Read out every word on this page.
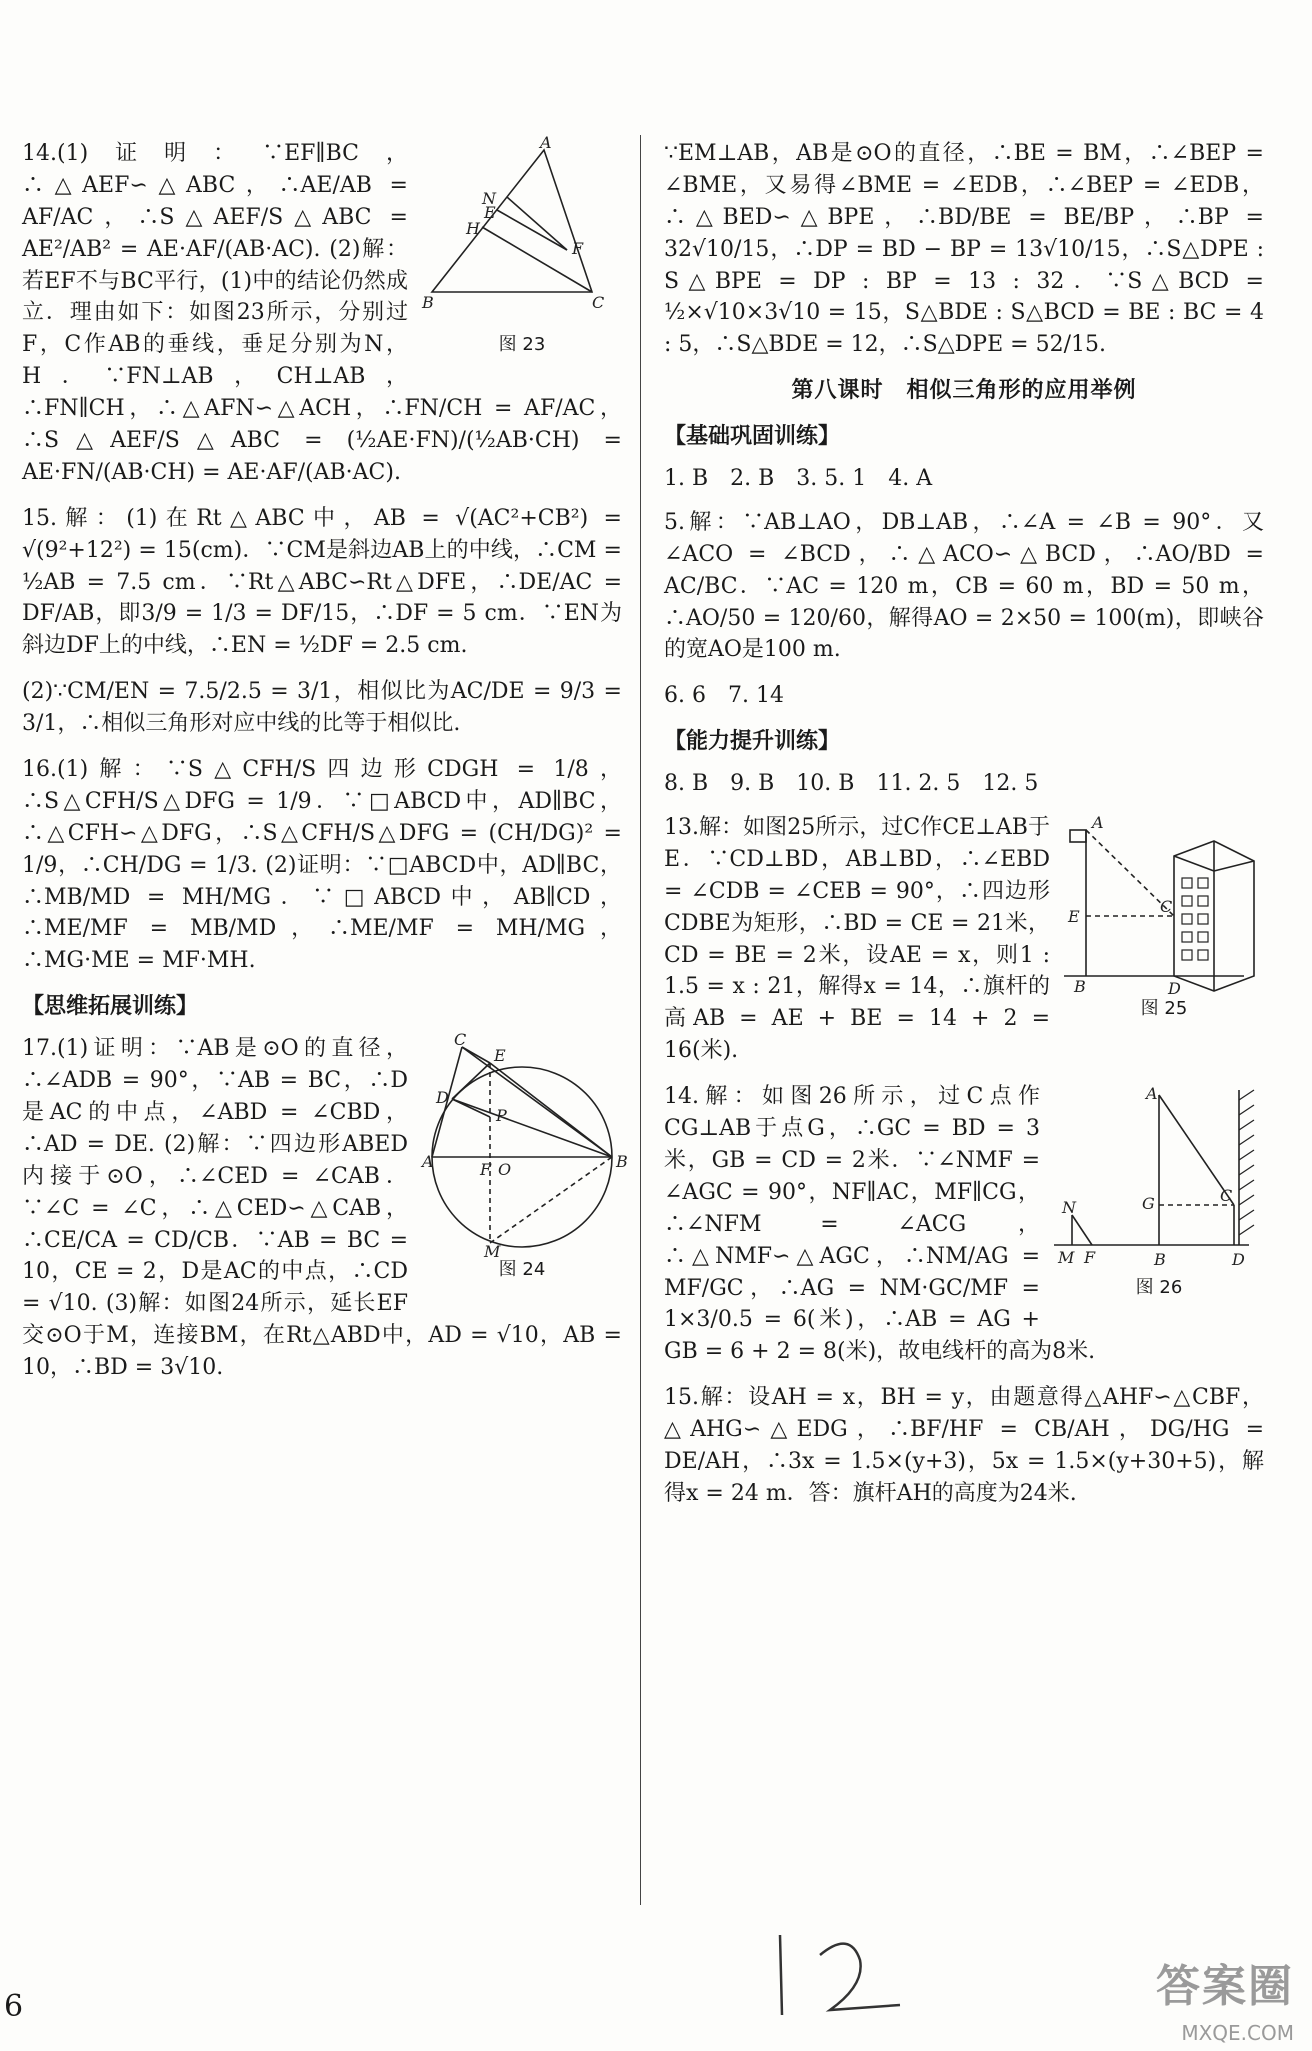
A
B	C
N
E
H
F
图 23

14.(1)证明：∵EF∥BC，∴△AEF∽△ABC，∴AE/AB = AF/AC，∴S△AEF/S△ABC = AE²/AB² = AE·AF/(AB·AC). (2)解：若EF不与BC平行，(1)中的结论仍然成立．理由如下：如图23所示，分别过F，C作AB的垂线，垂足分别为N，H．∵FN⊥AB，CH⊥AB，∴FN∥CH，∴△AFN∽△ACH，∴FN/CH = AF/AC，∴S△AEF/S△ABC = (½AE·FN)/(½AB·CH) = AE·FN/(AB·CH) = AE·AF/(AB·AC).

15.解：(1)在Rt△ABC中，AB = √(AC²+CB²) = √(9²+12²) = 15(cm)．∵CM是斜边AB上的中线，∴CM = ½AB = 7.5 cm．∵Rt△ABC∽Rt△DFE，∴DE/AC = DF/AB，即3/9 = 1/3 = DF/15，∴DF = 5 cm．∵EN为斜边DF上的中线，∴EN = ½DF = 2.5 cm.

(2)∵CM/EN = 7.5/2.5 = 3/1，相似比为AC/DE = 9/3 = 3/1，∴相似三角形对应中线的比等于相似比.

16.(1)解：∵S△CFH/S四边形CDGH = 1/8，∴S△CFH/S△DFG = 1/9．∵□ABCD中，AD∥BC，∴△CFH∽△DFG，∴S△CFH/S△DFG = (CH/DG)² = 1/9，∴CH/DG = 1/3. (2)证明：∵□ABCD中，AD∥BC，∴MB/MD = MH/MG．∵□ABCD中，AB∥CD，∴ME/MF = MB/MD，∴ME/MF = MH/MG，∴MG·ME = MF·MH.

【思维拓展训练】
C
E
D
P
A	B
F O
M
图 24

17.(1)证明：∵AB是⊙O的直径，∴∠ADB = 90°，∵AB = BC，∴D是AC的中点，∠ABD = ∠CBD，∴AD = DE. (2)解：∵四边形ABED内接于⊙O，∴∠CED = ∠CAB．∵∠C = ∠C，∴△CED∽△CAB，∴CE/CA = CD/CB．∵AB = BC = 10，CE = 2，D是AC的中点，∴CD = √10. (3)解：如图24所示，延长EF交⊙O于M，连接BM，在Rt△ABD中，AD = √10，AB = 10，∴BD = 3√10.

∵EM⊥AB，AB是⊙O的直径，∴BE = BM，∴∠BEP = ∠BME，又易得∠BME = ∠EDB，∴∠BEP = ∠EDB，∴△BED∽△BPE，∴BD/BE = BE/BP，∴BP = 32√10/15，∴DP = BD − BP = 13√10/15，∴S△DPE : S△BPE = DP : BP = 13 : 32．∵S△BCD = ½×√10×3√10 = 15，S△BDE : S△BCD = BE : BC = 4 : 5，∴S△BDE = 12，∴S△DPE = 52/15.

第八课时　相似三角形的应用举例
【基础巩固训练】
1. B　2. B　3. 5. 1　4. A

5.解：∵AB⊥AO，DB⊥AB，∴∠A = ∠B = 90°．又∠ACO = ∠BCD，∴△ACO∽△BCD，∴AO/BD = AC/BC．∵AC = 120 m，CB = 60 m，BD = 50 m，∴AO/50 = 120/60，解得AO = 2×50 = 100(m)，即峡谷的宽AO是100 m.

6. 6　7. 14
【能力提升训练】
8. B　9. B　10. B　11. 2. 5　12. 5
A
E
C
B	D
图 25

13.解：如图25所示，过C作CE⊥AB于E．∵CD⊥BD，AB⊥BD，∴∠EBD = ∠CDB = ∠CEB = 90°，∴四边形CDBE为矩形，∴BD = CE = 21米，CD = BE = 2米，设AE = x，则1 : 1.5 = x : 21，解得x = 14，∴旗杆的高AB = AE + BE = 14 + 2 = 16(米).

A
G	C
N
M F	B	D
图 26

14.解：如图26所示，过C点作CG⊥AB于点G，∴GC = BD = 3米，GB = CD = 2米．∵∠NMF = ∠AGC = 90°，NF∥AC，MF∥CG，∴∠NFM = ∠ACG，∴△NMF∽△AGC，∴NM/AG = MF/GC，∴AG = NM·GC/MF = 1×3/0.5 = 6(米)，∴AB = AG + GB = 6 + 2 = 8(米)，故电线杆的高为8米.

15.解：设AH = x，BH = y，由题意得△AHF∽△CBF，△AHG∽△EDG，∴BF/HF = CB/AH，DG/HG = DE/AH，∴3x = 1.5×(y+3)，5x = 1.5×(y+30+5)，解得x = 24 m．答：旗杆AH的高度为24米.

6	答案圈
MXQE.COM
